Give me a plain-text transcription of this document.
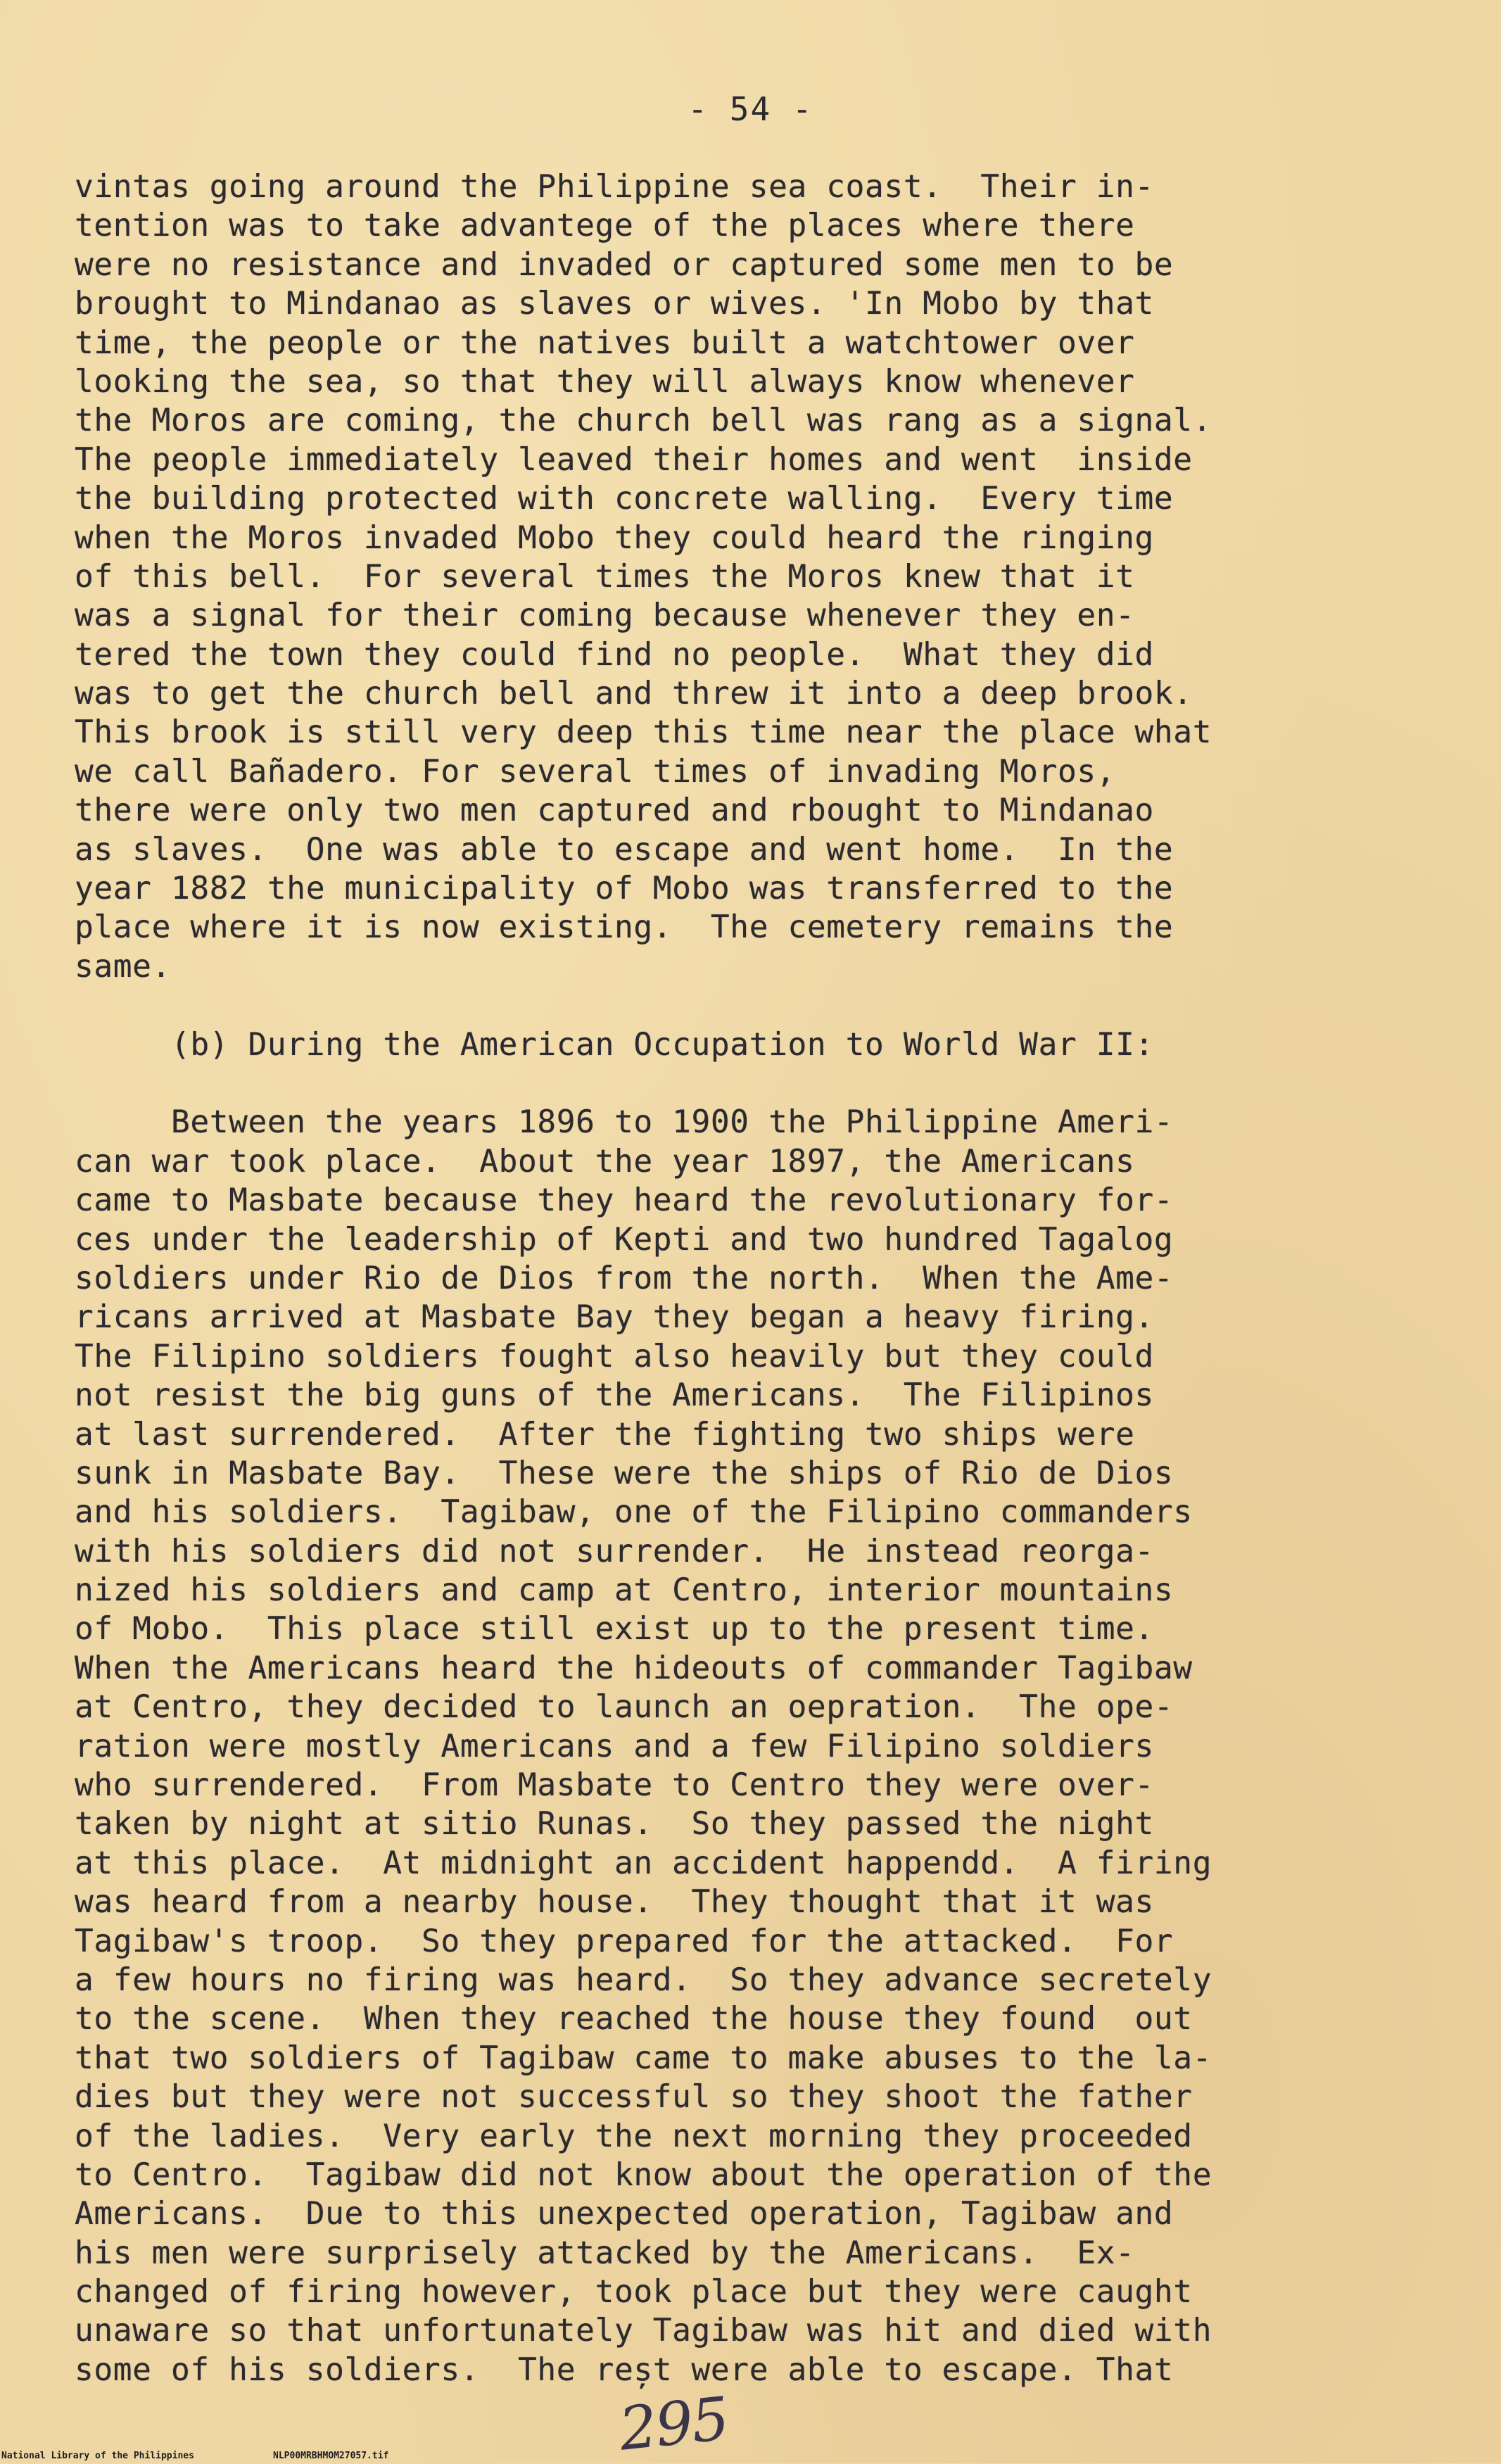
- 54 -
vintas going around the Philippine sea coast.  Their in-
tention was to take advantege of the places where there
were no resistance and invaded or captured some men to be
brought to Mindanao as slaves or wives. 'In Mobo by that
time, the people or the natives built a watchtower over
looking the sea, so that they will always know whenever
the Moros are coming, the church bell was rang as a signal.
The people immediately leaved their homes and went  inside
the building protected with concrete walling.  Every time
when the Moros invaded Mobo they could heard the ringing
of this bell.  For several times the Moros knew that it
was a signal for their coming because whenever they en-
tered the town they could find no people.  What they did
was to get the church bell and threw it into a deep brook.
This brook is still very deep this time near the place what
we call Bañadero. For several times of invading Moros,
there were only two men captured and rbought to Mindanao
as slaves.  One was able to escape and went home.  In the
year 1882 the municipality of Mobo was transferred to the
place where it is now existing.  The cemetery remains the
same.
(b) During the American Occupation to World War II:
Between the years 1896 to 1900 the Philippine Ameri-
can war took place.  About the year 1897, the Americans
came to Masbate because they heard the revolutionary for-
ces under the leadership of Kepti and two hundred Tagalog
soldiers under Rio de Dios from the north.  When the Ame-
ricans arrived at Masbate Bay they began a heavy firing.
The Filipino soldiers fought also heavily but they could
not resist the big guns of the Americans.  The Filipinos
at last surrendered.  After the fighting two ships were
sunk in Masbate Bay.  These were the ships of Rio de Dios
and his soldiers.  Tagibaw, one of the Filipino commanders
with his soldiers did not surrender.  He instead reorga-
nized his soldiers and camp at Centro, interior mountains
of Mobo.  This place still exist up to the present time.
When the Americans heard the hideouts of commander Tagibaw
at Centro, they decided to launch an oepration.  The ope-
ration were mostly Americans and a few Filipino soldiers
who surrendered.  From Masbate to Centro they were over-
taken by night at sitio Runas.  So they passed the night
at this place.  At midnight an accident happendd.  A firing
was heard from a nearby house.  They thought that it was
Tagibaw's troop.  So they prepared for the attacked.  For
a few hours no firing was heard.  So they advance secretely
to the scene.  When they reached the house they found  out
that two soldiers of Tagibaw came to make abuses to the la-
dies but they were not successful so they shoot the father
of the ladies.  Very early the next morning they proceeded
to Centro.  Tagibaw did not know about the operation of the
Americans.  Due to this unexpected operation, Tagibaw and
his men were surprisely attacked by the Americans.  Ex-
changed of firing however, took place but they were caught
unaware so that unfortunately Tagibaw was hit and died with
some of his soldiers.  The reșt were able to escape. That
295
National Library of the Philippines	NLP00MRBHMOM27057.tif
